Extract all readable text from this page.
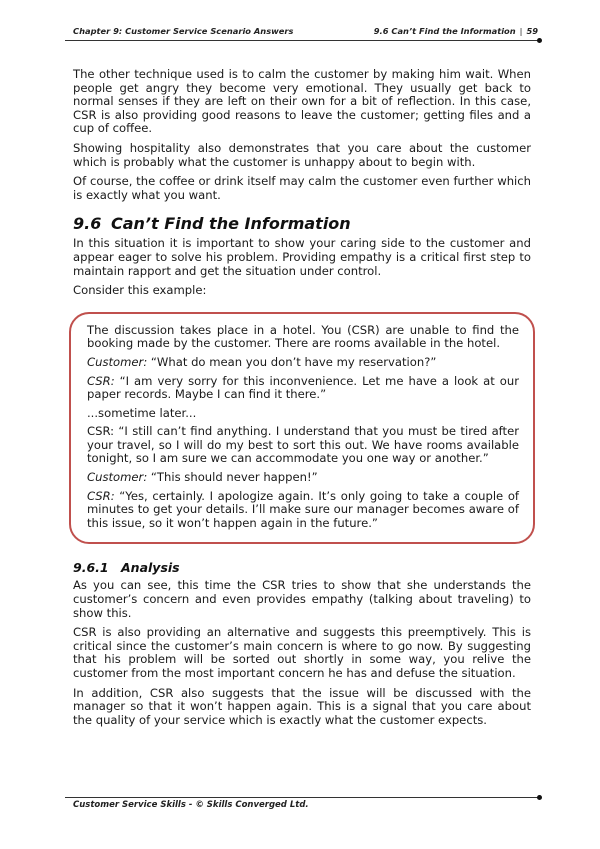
Chapter 9: Customer Service Scenario Answers	9.6 Can’t Find the Information | 59

The other technique used is to calm the customer by making him wait. When people get angry they become very emotional. They usually get back to normal senses if they are left on their own for a bit of reflection. In this case, CSR is also providing good reasons to leave the customer; getting files and a cup of coffee.

Showing hospitality also demonstrates that you care about the customer which is probably what the customer is unhappy about to begin with.

Of course, the coffee or drink itself may calm the customer even further which is exactly what you want.

9.6 Can’t Find the Information

In this situation it is important to show your caring side to the customer and appear eager to solve his problem. Providing empathy is a critical first step to maintain rapport and get the situation under control.

Consider this example:

The discussion takes place in a hotel. You (CSR) are unable to find the booking made by the customer. There are rooms available in the hotel.

Customer: “What do mean you don’t have my reservation?”

CSR: “I am very sorry for this inconvenience. Let me have a look at our paper records. Maybe I can find it there.”

...sometime later...

CSR: “I still can’t find anything. I understand that you must be tired after your travel, so I will do my best to sort this out. We have rooms available tonight, so I am sure we can accommodate you one way or another.”

Customer: “This should never happen!”

CSR: “Yes, certainly. I apologize again. It’s only going to take a couple of minutes to get your details. I’ll make sure our manager becomes aware of this issue, so it won’t happen again in the future.”

9.6.1 Analysis

As you can see, this time the CSR tries to show that she understands the customer’s concern and even provides empathy (talking about traveling) to show this.

CSR is also providing an alternative and suggests this preemptively. This is critical since the customer’s main concern is where to go now. By suggesting that his problem will be sorted out shortly in some way, you relive the customer from the most important concern he has and defuse the situation.

In addition, CSR also suggests that the issue will be discussed with the manager so that it won’t happen again. This is a signal that you care about the quality of your service which is exactly what the customer expects.

Customer Service Skills - © Skills Converged Ltd.
